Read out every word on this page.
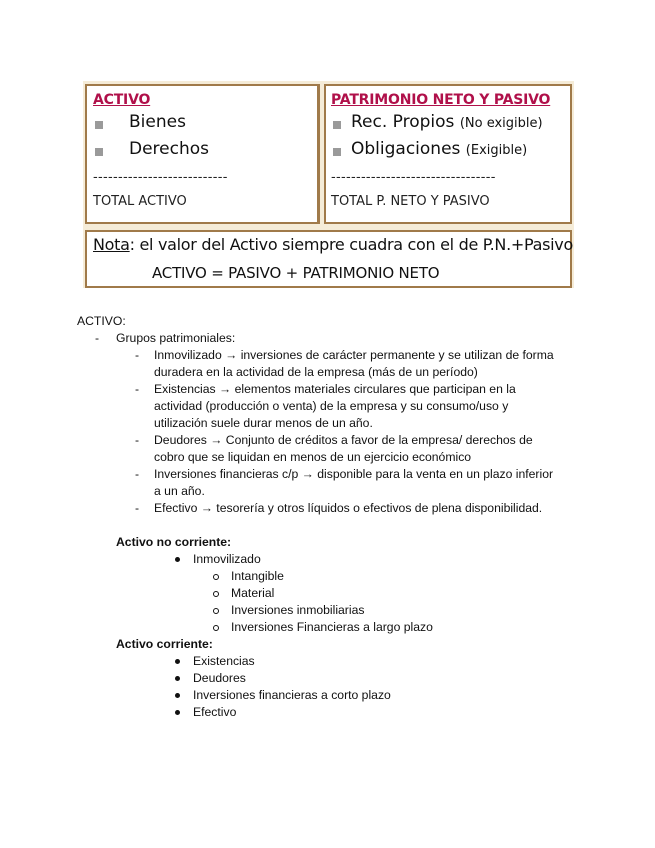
ACTIVO
Bienes
Derechos
---------------------------
TOTAL ACTIVO
PATRIMONIO NETO Y PASIVO
Rec. Propios (No exigible)
Obligaciones (Exigible)
---------------------------------
TOTAL P. NETO Y PASIVO
Nota: el valor del Activo siempre cuadra con el de P.N.+Pasivo
ACTIVO = PASIVO + PATRIMONIO NETO
ACTIVO:
- Grupos patrimoniales:
- Inmovilizado → inversiones de carácter permanente y se utilizan de forma
duradera en la actividad de la empresa (más de un período)
- Existencias → elementos materiales circulares que participan en la
actividad (producción o venta) de la empresa y su consumo/uso y
utilización suele durar menos de un año.
- Deudores → Conjunto de créditos a favor de la empresa/ derechos de
cobro que se liquidan en menos de un ejercicio económico
- Inversiones financieras c/p → disponible para la venta en un plazo inferior
a un año.
- Efectivo → tesorería y otros líquidos o efectivos de plena disponibilidad.
Activo no corriente:
Inmovilizado
Intangible
Material
Inversiones inmobiliarias
Inversiones Financieras a largo plazo
Activo corriente:
Existencias
Deudores
Inversiones financieras a corto plazo
Efectivo
